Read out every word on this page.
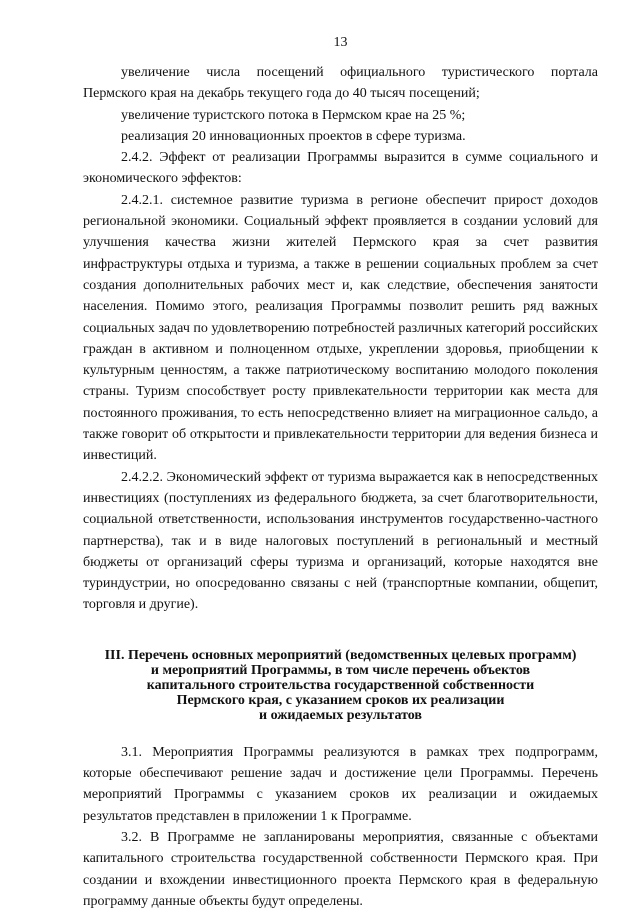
13

увеличение числа посещений официального туристического портала Пермского края на декабрь текущего года до 40 тысяч посещений;

увеличение туристского потока в Пермском крае на 25 %;

реализация 20 инновационных проектов в сфере туризма.

2.4.2. Эффект от реализации Программы выразится в сумме социального и экономического эффектов:

2.4.2.1. системное развитие туризма в регионе обеспечит прирост доходов региональной экономики. Социальный эффект проявляется в создании условий для улучшения качества жизни жителей Пермского края за счет развития инфраструктуры отдыха и туризма, а также в решении социальных проблем за счет создания дополнительных рабочих мест и, как следствие, обеспечения занятости населения. Помимо этого, реализация Программы позволит решить ряд важных социальных задач по удовлетворению потребностей различных категорий российских граждан в активном и полноценном отдыхе, укреплении здоровья, приобщении к культурным ценностям, а также патриотическому воспитанию молодого поколения страны. Туризм способствует росту привлекательности территории как места для постоянного проживания, то есть непосредственно влияет на миграционное сальдо, а также говорит об открытости и привлекательности территории для ведения бизнеса и инвестиций.

2.4.2.2. Экономический эффект от туризма выражается как в непосредственных инвестициях (поступлениях из федерального бюджета, за счет благотворительности, социальной ответственности, использования инструментов государственно-частного партнерства), так и в виде налоговых поступлений в региональный и местный бюджеты от организаций сферы туризма и организаций, которые находятся вне туриндустрии, но опосредованно связаны с ней (транспортные компании, общепит, торговля и другие).

III. Перечень основных мероприятий (ведомственных целевых программ)
и мероприятий Программы, в том числе перечень объектов
капитального строительства государственной собственности
Пермского края, с указанием сроков их реализации
и ожидаемых результатов

3.1. Мероприятия Программы реализуются в рамках трех подпрограмм, которые обеспечивают решение задач и достижение цели Программы. Перечень мероприятий Программы с указанием сроков их реализации и ожидаемых результатов представлен в приложении 1 к Программе.

3.2. В Программе не запланированы мероприятия, связанные с объектами капитального строительства государственной собственности Пермского края. При создании и вхождении инвестиционного проекта Пермского края в федеральную программу данные объекты будут определены.
